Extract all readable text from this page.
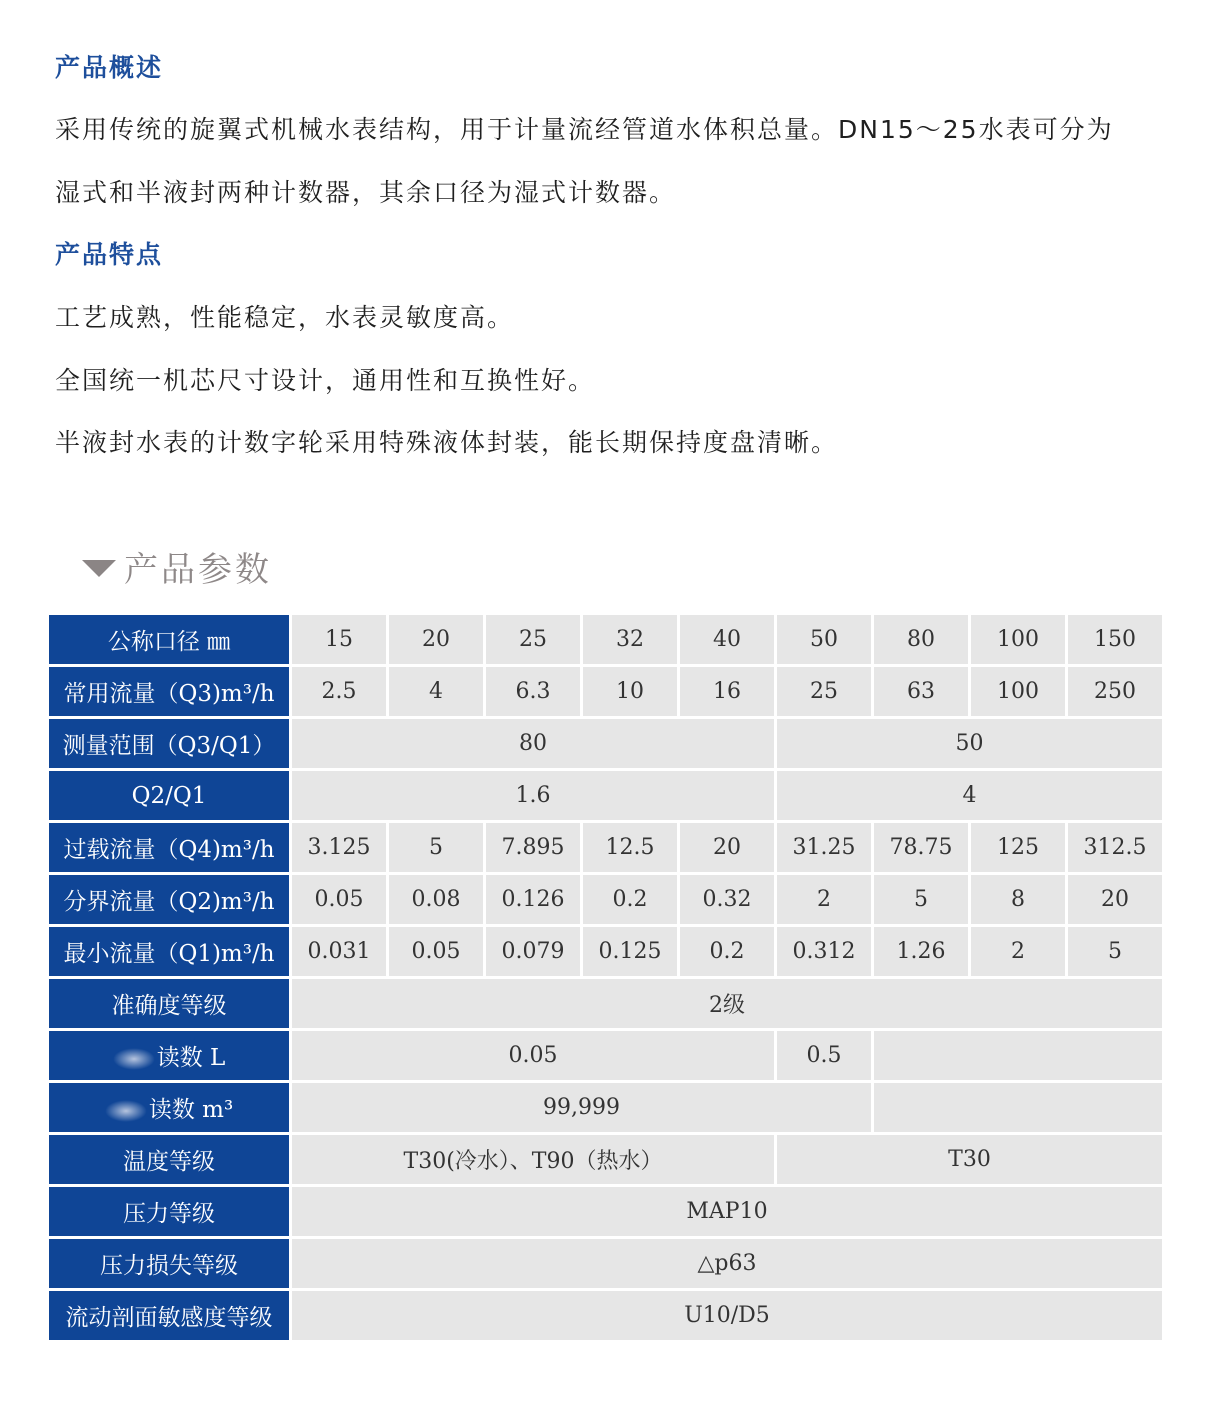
产品概述
采用传统的旋翼式机械水表结构，用于计量流经管道水体积总量。DN15～25水表可分为
湿式和半液封两种计数器，其余口径为湿式计数器。
产品特点
工艺成熟，性能稳定，水表灵敏度高。
全国统一机芯尺寸设计，通用性和互换性好。
半液封水表的计数字轮采用特殊液体封装，能长期保持度盘清晰。
产品参数
公称口径 ㎜	15	20	25	32	40	50	80	100	150
常用流量（Q3)m³/h	2.5	4	6.3	10	16	25	63	100	250
测量范围（Q3/Q1）	80					50			
Q2/Q1	1.6					4			
过载流量（Q4)m³/h	3.125	5	7.895	12.5	20	31.25	78.75	125	312.5
分界流量（Q2)m³/h	0.05	0.08	0.126	0.2	0.32	2	5	8	20
最小流量（Q1)m³/h	0.031	0.05	0.079	0.125	0.2	0.312	1.26	2	5
准确度等级	2级								
读数 L	0.05					0.5			
读数 m³	99,999								
温度等级	T30(冷水）、T90（热水）					T30			
压力等级	MAP10								
压力损失等级	△p63								
流动剖面敏感度等级	U10/D5								
